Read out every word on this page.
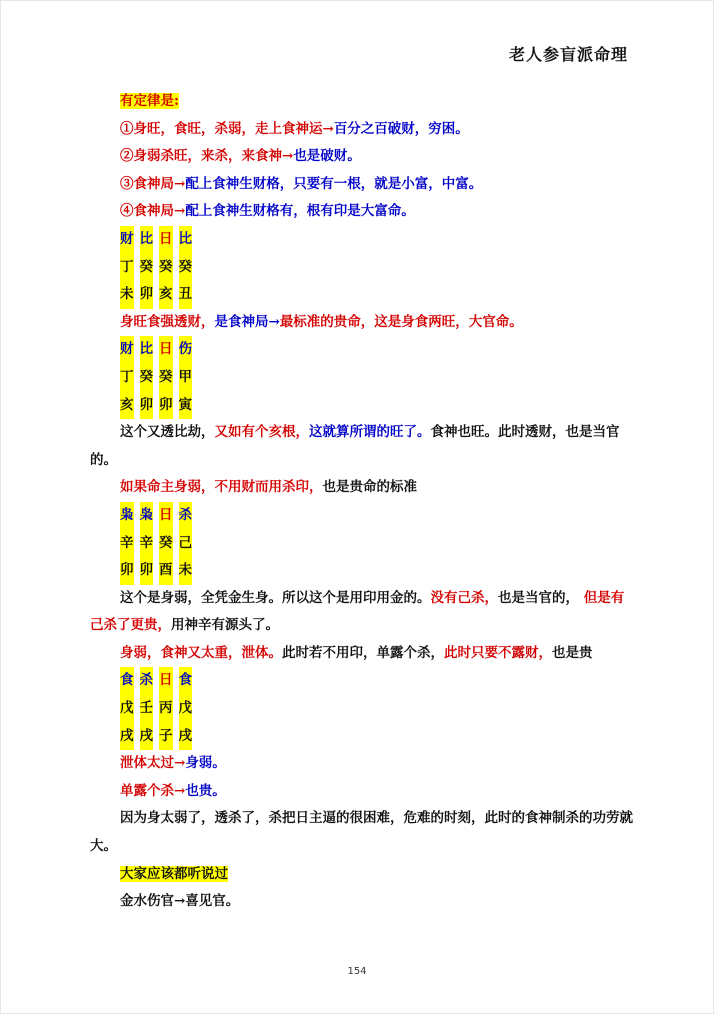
老人参盲派命理
有定律是:
①身旺，食旺，杀弱，走上食神运→百分之百破财，穷困。
②身弱杀旺，来杀，来食神→也是破财。
③食神局→配上食神生财格，只要有一根，就是小富，中富。
④食神局→配上食神生财格有，根有印是大富命。
财 比 日 比
丁 癸 癸 癸
未 卯 亥 丑
身旺食强透财，是食神局→最标准的贵命，这是身食两旺，大官命。
财 比 日 伤
丁 癸 癸 甲
亥 卯 卯 寅
这个又透比劫，又如有个亥根，这就算所谓的旺了。食神也旺。此时透财，也是当官的。
如果命主身弱，不用财而用杀印，也是贵命的标准
枭 枭 日 杀
辛 辛 癸 己
卯 卯 酉 未
这个是身弱，全凭金生身。所以这个是用印用金的。没有己杀，也是当官的， 但是有己杀了更贵，用神辛有源头了。
身弱，食神又太重，泄体。此时若不用印，单露个杀，此时只要不露财，也是贵
食 杀 日 食
戊 壬 丙 戊
戌 戌 子 戌
泄体太过→身弱。
单露个杀→也贵。
因为身太弱了，透杀了，杀把日主逼的很困难，危难的时刻，此时的食神制杀的功劳就大。
大家应该都听说过
金水伤官→喜见官。
154
